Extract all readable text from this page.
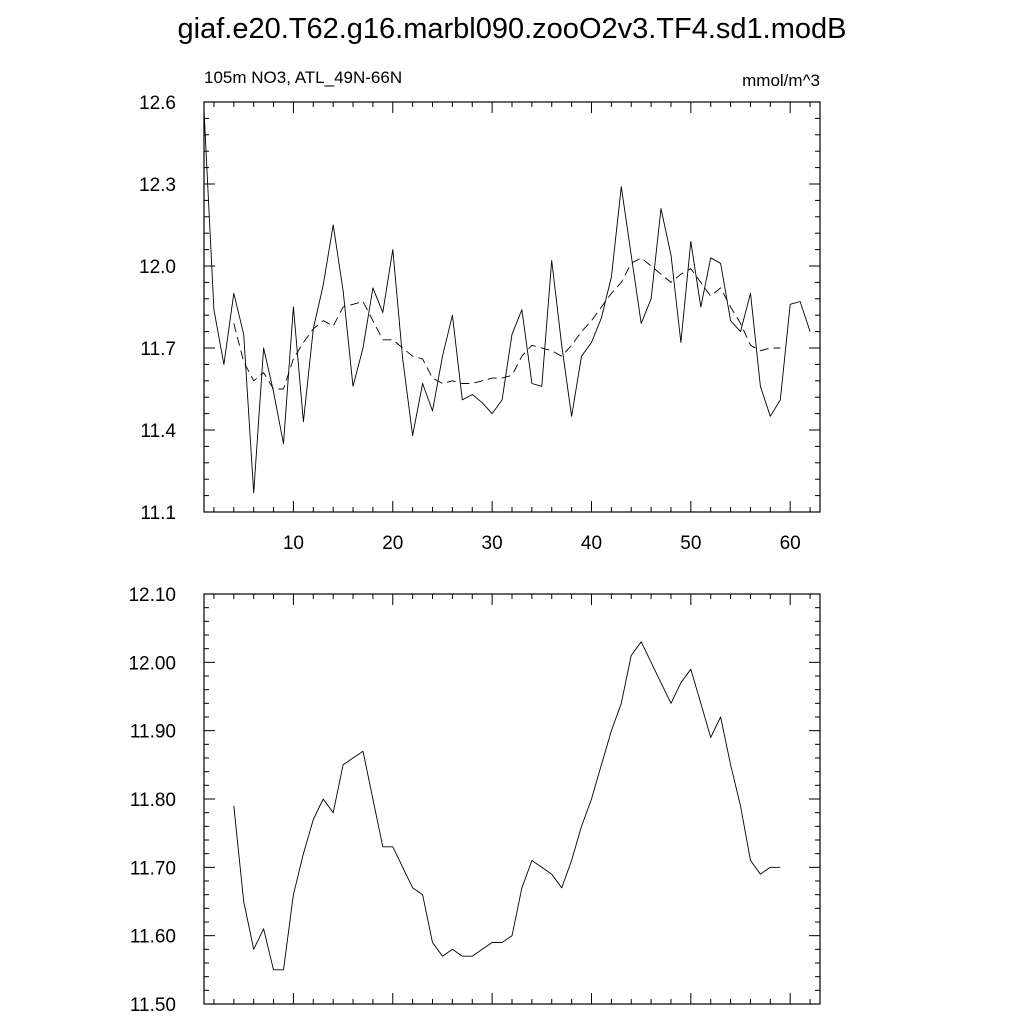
giaf.e20.T62.g16.marbl090.zooO2v3.TF4.sd1.modB
105m NO3, ATL_49N-66N	mmol/m^3
10	20	30	40	50	60
11.1
11.4
11.7
12.0
12.3
12.6
11.50
11.60
11.70
11.80
11.90
12.00
12.10
